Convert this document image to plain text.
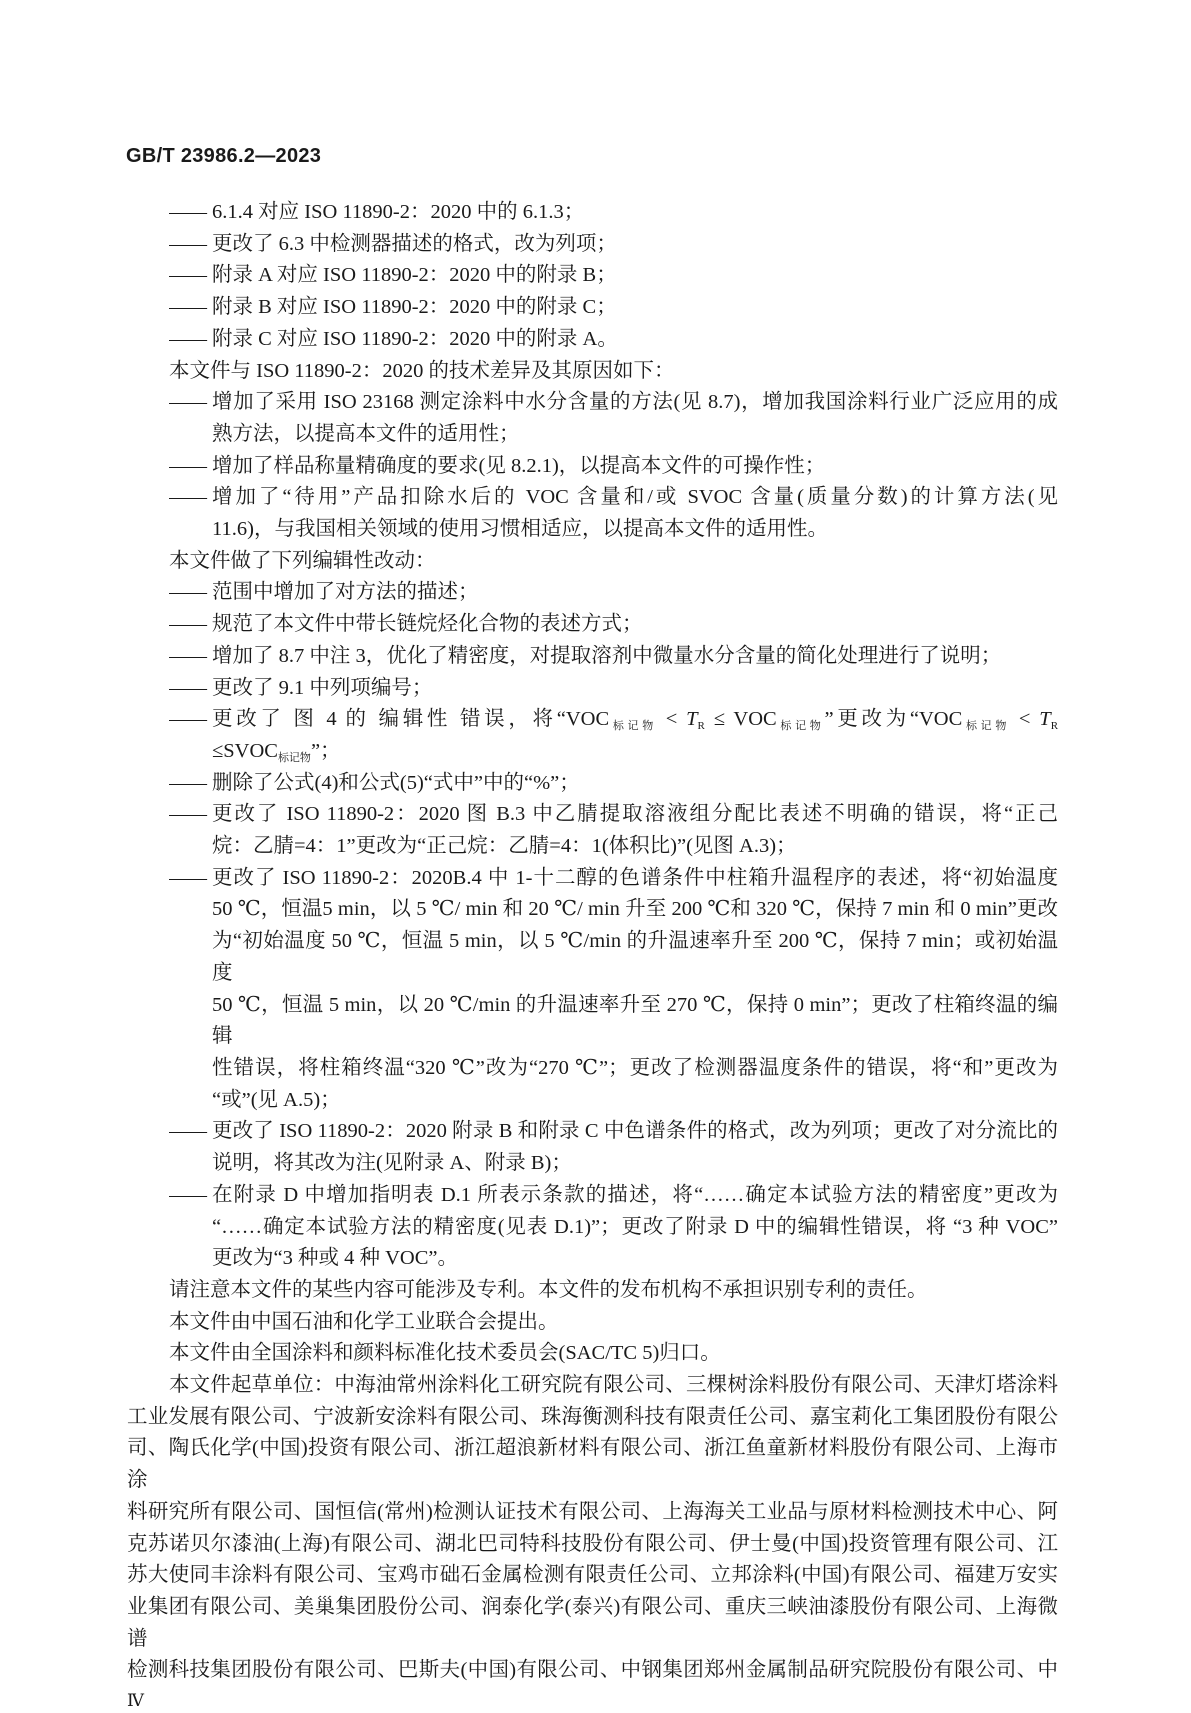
GB/T 23986.2—2023
—— 6.1.4 对应 ISO 11890-2：2020 中的 6.1.3；
—— 更改了 6.3 中检测器描述的格式，改为列项；
—— 附录 A 对应 ISO 11890-2：2020 中的附录 B；
—— 附录 B 对应 ISO 11890-2：2020 中的附录 C；
—— 附录 C 对应 ISO 11890-2：2020 中的附录 A。
本文件与 ISO 11890-2：2020 的技术差异及其原因如下：
—— 增加了采用 ISO 23168 测定涂料中水分含量的方法(见 8.7)，增加我国涂料行业广泛应用的成
熟方法，以提高本文件的适用性；
—— 增加了样品称量精确度的要求(见 8.2.1)，以提高本文件的可操作性；
—— 增加了“待用”产品扣除水后的 VOC 含量和/或 SVOC 含量(质量分数)的计算方法(见
11.6)，与我国相关领域的使用习惯相适应，以提高本文件的适用性。
本文件做了下列编辑性改动：
—— 范围中增加了对方法的描述；
—— 规范了本文件中带长链烷烃化合物的表述方式；
—— 增加了 8.7 中注 3，优化了精密度，对提取溶剂中微量水分含量的简化处理进行了说明；
—— 更改了 9.1 中列项编号；
—— 更改了 图 4 的 编辑性 错误，将“$VOC_{标记物} < T_R \le VOC_{标记物}$”更改为“$VOC_{标记物} < T_R$
$\le SVOC_{标记物}$”；
—— 删除了公式(4)和公式(5)“式中”中的“%”；
—— 更改了 ISO 11890-2：2020 图 B.3 中乙腈提取溶液组分配比表述不明确的错误，将“正己
烷：乙腈=4：1”更改为“正己烷：乙腈=4：1(体积比)”(见图 A.3)；
—— 更改了 ISO 11890-2：2020B.4 中 1-十二醇的色谱条件中柱箱升温程序的表述，将“初始温度
50 ℃，恒温5 min，以 5 ℃/ min 和 20 ℃/ min 升至 200 ℃和 320 ℃，保持 7 min 和 0 min”更改
为“初始温度 50 ℃，恒温 5 min，以 5 ℃/min 的升温速率升至 200 ℃，保持 7 min；或初始温度
50 ℃，恒温 5 min，以 20 ℃/min 的升温速率升至 270 ℃，保持 0 min”；更改了柱箱终温的编辑
性错误，将柱箱终温“320 ℃”改为“270 ℃”；更改了检测器温度条件的错误，将“和”更改为
“或”(见 A.5)；
—— 更改了 ISO 11890-2：2020 附录 B 和附录 C 中色谱条件的格式，改为列项；更改了对分流比的
说明，将其改为注(见附录 A、附录 B)；
—— 在附录 D 中增加指明表 D.1 所表示条款的描述，将“……确定本试验方法的精密度”更改为
“……确定本试验方法的精密度(见表 D.1)”；更改了附录 D 中的编辑性错误，将 “3 种 VOC”
更改为“3 种或 4 种 VOC”。
请注意本文件的某些内容可能涉及专利。本文件的发布机构不承担识别专利的责任。
本文件由中国石油和化学工业联合会提出。
本文件由全国涂料和颜料标准化技术委员会(SAC/TC 5)归口。
本文件起草单位：中海油常州涂料化工研究院有限公司、三棵树涂料股份有限公司、天津灯塔涂料
工业发展有限公司、宁波新安涂料有限公司、珠海衡测科技有限责任公司、嘉宝莉化工集团股份有限公
司、陶氏化学(中国)投资有限公司、浙江超浪新材料有限公司、浙江鱼童新材料股份有限公司、上海市涂
料研究所有限公司、国恒信(常州)检测认证技术有限公司、上海海关工业品与原材料检测技术中心、阿
克苏诺贝尔漆油(上海)有限公司、湖北巴司特科技股份有限公司、伊士曼(中国)投资管理有限公司、江
苏大使同丰涂料有限公司、宝鸡市础石金属检测有限责任公司、立邦涂料(中国)有限公司、福建万安实
业集团有限公司、美巢集团股份公司、润泰化学(泰兴)有限公司、重庆三峡油漆股份有限公司、上海微谱
检测科技集团股份有限公司、巴斯夫(中国)有限公司、中钢集团郑州金属制品研究院股份有限公司、中
Ⅳ
